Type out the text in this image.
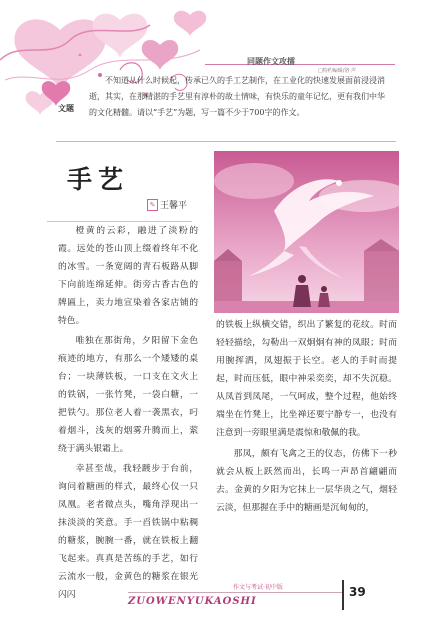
同题作文攻擂
□特约编辑/洛 声
文题

不知道从什么时候起，传承已久的手工艺制作，在工业化的快速发展面前浸浸消逝，其实，在那精湛的手艺里有淳朴的故土情味，有快乐的童年记忆，更有我们中华的文化精髓。请以“手艺”为题，写一篇不少于700字的作文。

手艺
✎ 王馨平

橙黄的云彩，融进了淡粉的霞。远处的苍山顶上缀着终年不化的冰雪。一条宽阔的青石板路从脚下向前连绵延伸。街旁古香古色的牌匾上，卖力地宣染着各家店铺的特色。

唯独在那街角，夕阳留下金色痕迹的地方，有那么一个矮矮的桌台；一块薄铁板，一口支在文火上的铁锅，一张竹凳，一袋白糖，一把铁勺。那位老人着一袭黑衣，叼着烟斗，浅灰的烟雾升腾而上，萦绕于满头银霜上。

幸甚至哉，我轻踱步于台前，询问着糖画的样式，最终心仪一只凤凰。老者微点头，嘴角浮现出一抹淡淡的笑意。手一舀铁锅中粘稠的糖浆，腕腕一番，就在铁板上翻飞起来。真真是苦练的手艺，如行云流水一般，金黄色的糖浆在银光闪闪

的铁板上纵横交错，织出了繁复的花纹。时而轻轻描绘，勾勒出一双炯炯有神的凤眼；时而用腕挥洒，凤翅振于长空。老人的手时而提起，时而压低，眼中神采奕奕，却不失沉稳。从凤首到凤尾，一气呵成，整个过程，他始终端坐在竹凳上，比坐禅还要宁静专一，也没有注意到一旁眼里满是震惊和敬佩的我。

那凤，颇有飞禽之王的仪态，仿佛下一秒就会从板上跃然而出，长鸣一声昂首翩翩而去。金黄的夕阳为它抹上一层华贵之气，烟轻云淡，但那握在手中的糖画是沉甸甸的，

作文与考试·初中版
ZUOWENYUKAOSHI
39
